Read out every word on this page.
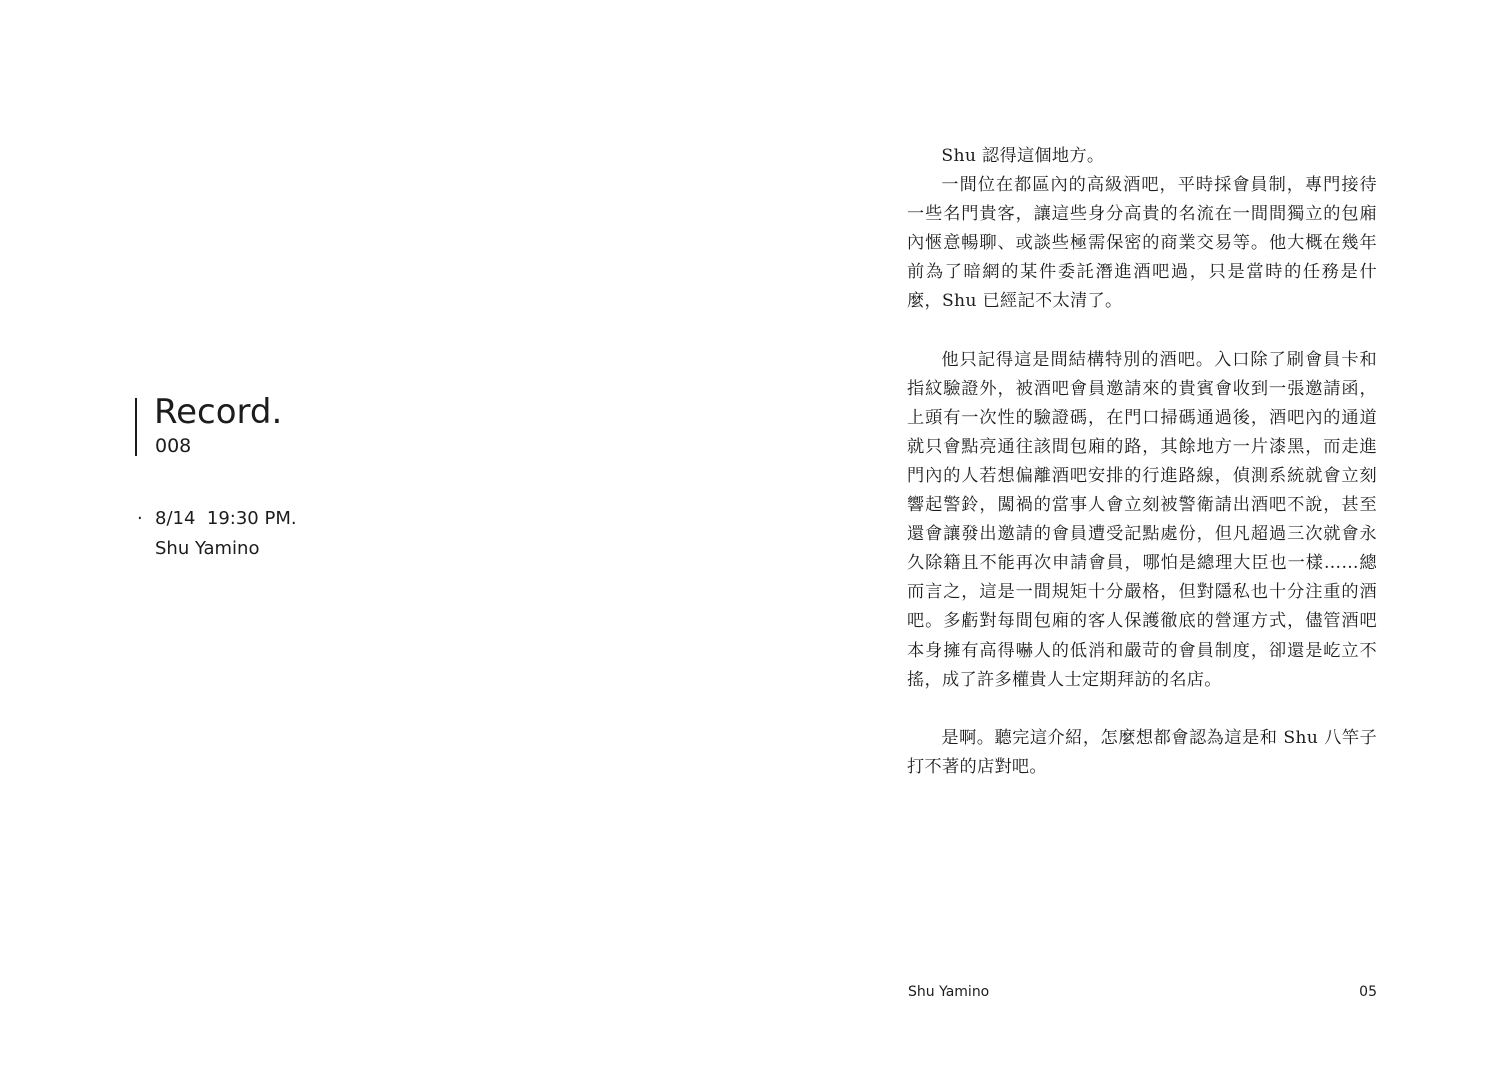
Record.
008
· 8/14  19:30 PM.
Shu Yamino

Shu 認得這個地方。

一間位在都區內的高級酒吧，平時採會員制，專門接待一些名門貴客，讓這些身分高貴的名流在一間間獨立的包廂內愜意暢聊、或談些極需保密的商業交易等。他大概在幾年前為了暗網的某件委託潛進酒吧過，只是當時的任務是什麼，Shu 已經記不太清了。

他只記得這是間結構特別的酒吧。入口除了刷會員卡和指紋驗證外，被酒吧會員邀請來的貴賓會收到一張邀請函，上頭有一次性的驗證碼，在門口掃碼通過後，酒吧內的通道就只會點亮通往該間包廂的路，其餘地方一片漆黑，而走進門內的人若想偏離酒吧安排的行進路線，偵測系統就會立刻響起警鈴，闖禍的當事人會立刻被警衛請出酒吧不說，甚至還會讓發出邀請的會員遭受記點處份，但凡超過三次就會永久除籍且不能再次申請會員，哪怕是總理大臣也一樣……總而言之，這是一間規矩十分嚴格，但對隱私也十分注重的酒吧。多虧對每間包廂的客人保護徹底的營運方式，儘管酒吧本身擁有高得嚇人的低消和嚴苛的會員制度，卻還是屹立不搖，成了許多權貴人士定期拜訪的名店。

是啊。聽完這介紹，怎麼想都會認為這是和 Shu 八竿子打不著的店對吧。

Shu Yamino	05
